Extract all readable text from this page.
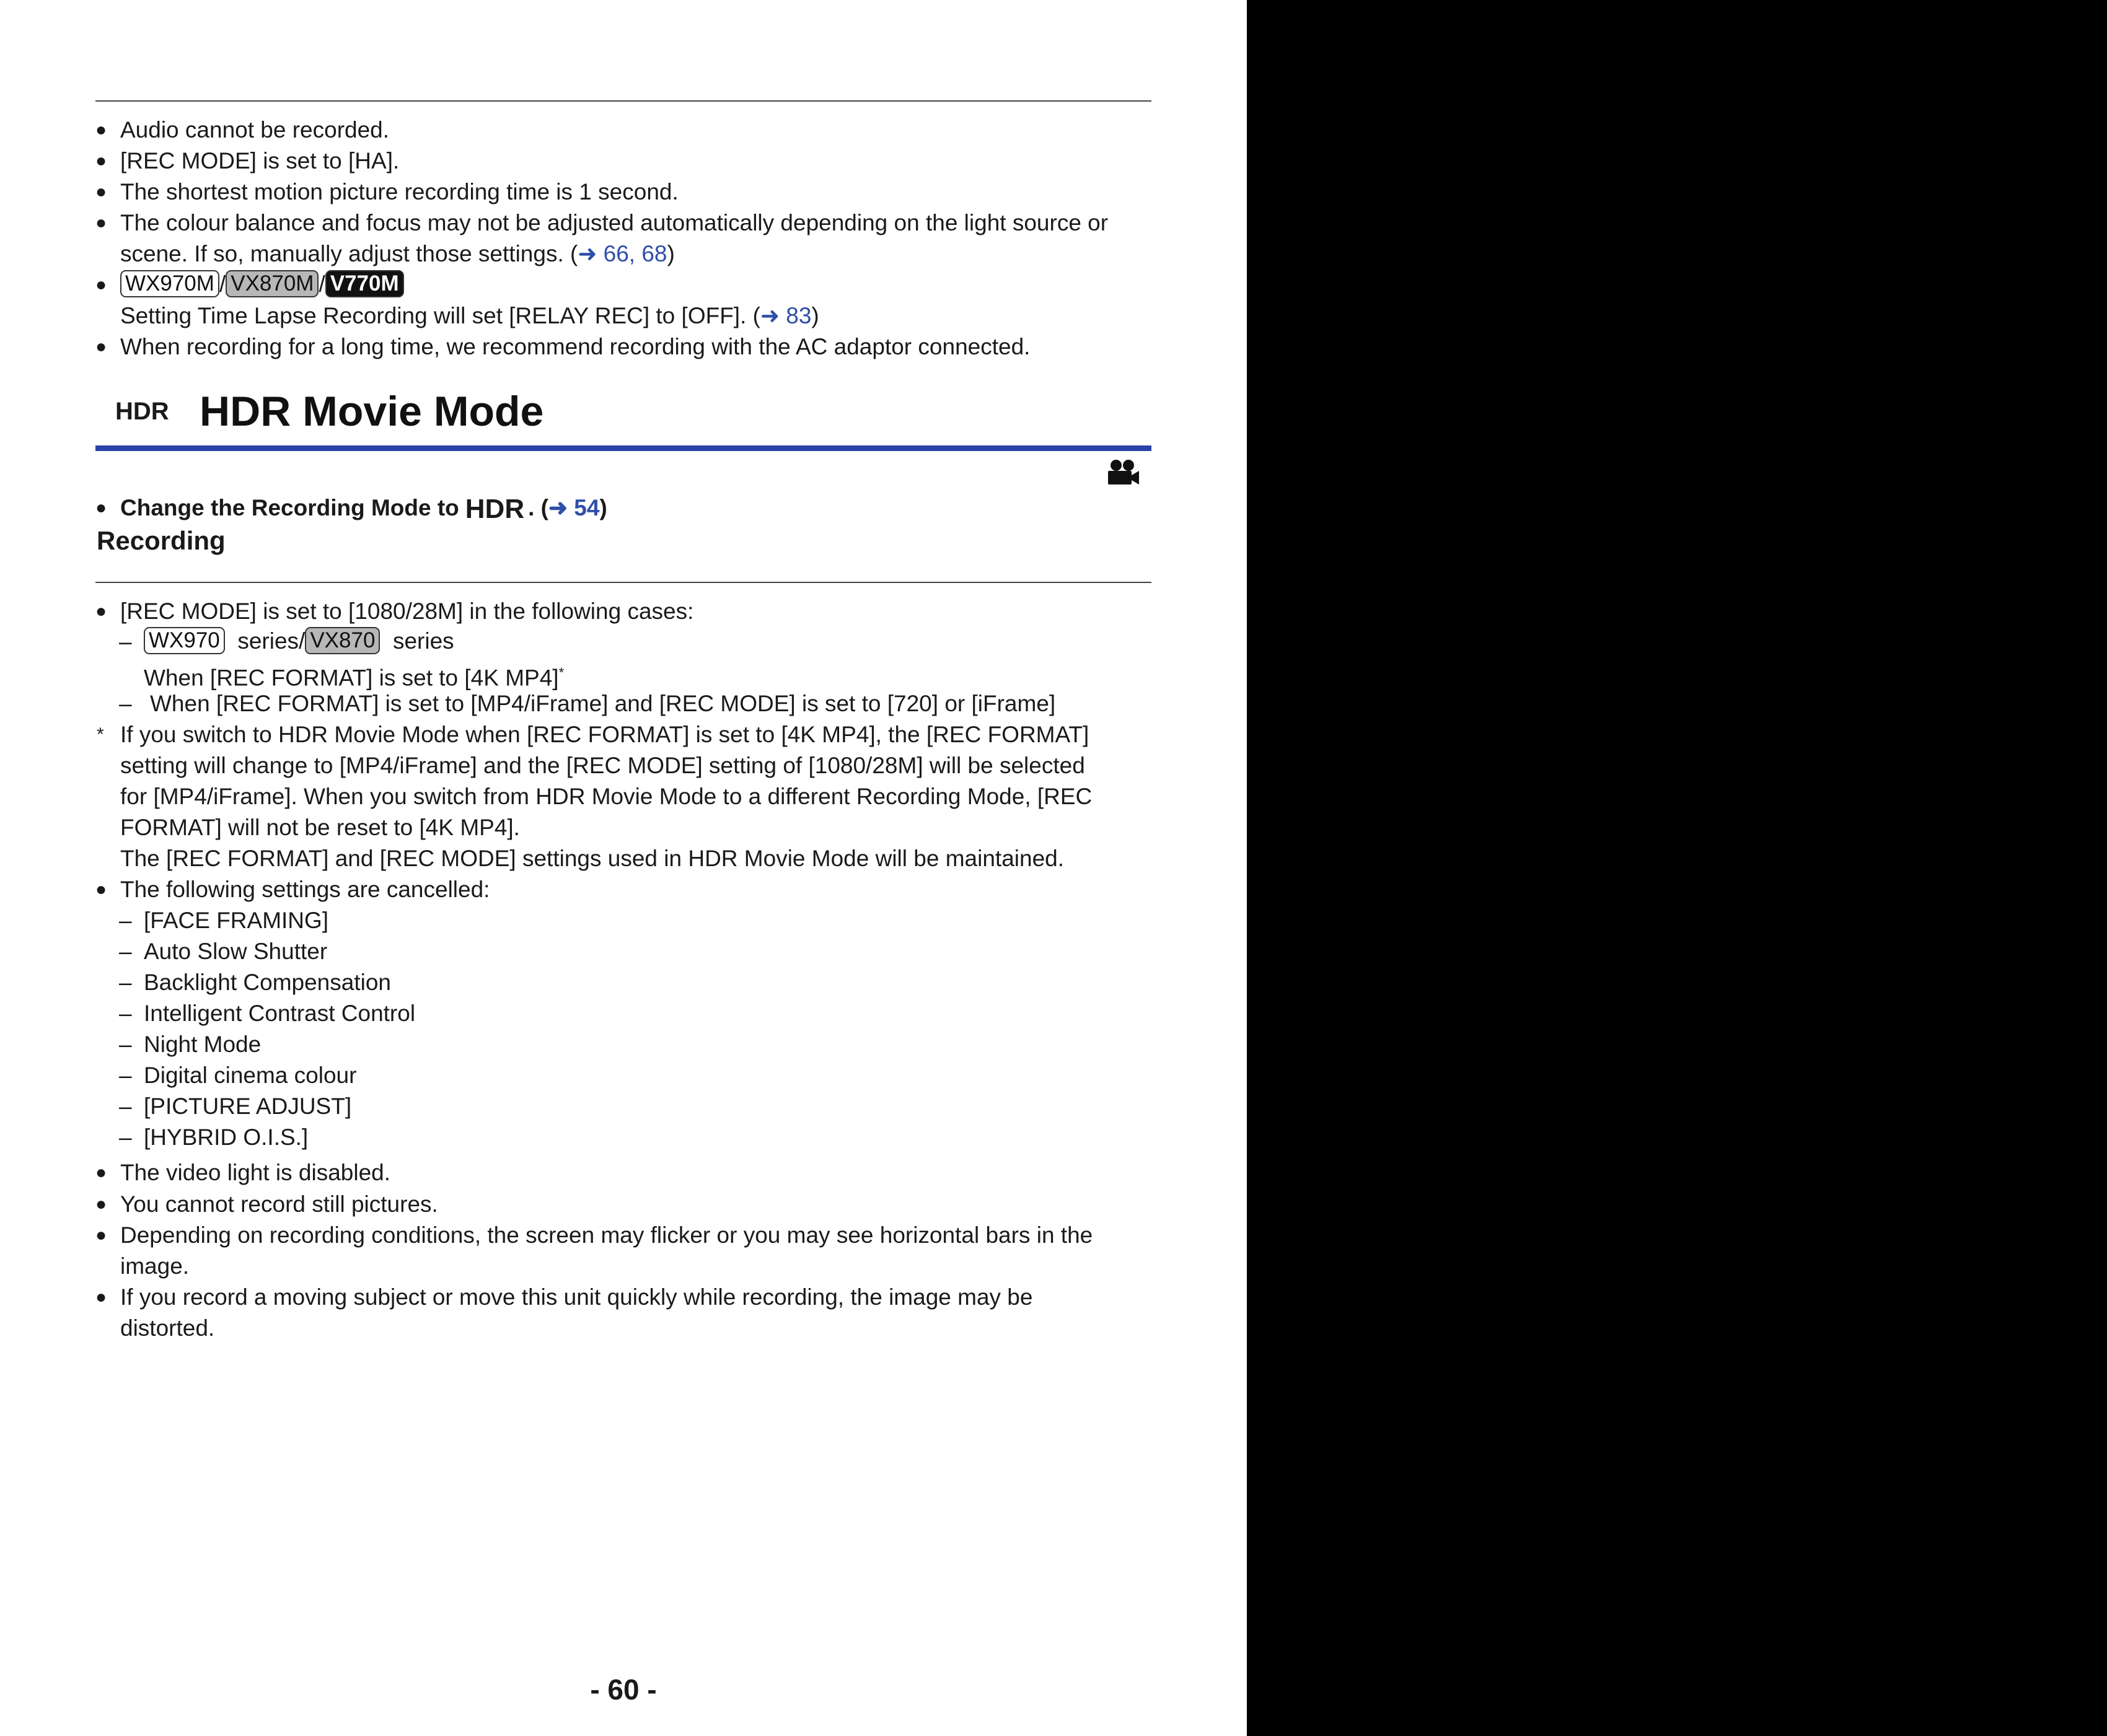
● Audio cannot be recorded.
● [REC MODE] is set to [HA].
● The shortest motion picture recording time is 1 second.
● The colour balance and focus may not be adjusted automatically depending on the light source or
scene. If so, manually adjust those settings. (➜ 66, 68)
● WX970M / VX870M / V770M
Setting Time Lapse Recording will set [RELAY REC] to [OFF]. (➜ 83)
● When recording for a long time, we recommend recording with the AC adaptor connected.
HDR HDR Movie Mode
● Change the Recording Mode to HDR . (➜ 54)
Recording
● [REC MODE] is set to [1080/28M] in the following cases:
– WX970 series/ VX870 series
When [REC FORMAT] is set to [4K MP4]*
– When [REC FORMAT] is set to [MP4/iFrame] and [REC MODE] is set to [720] or [iFrame]
* If you switch to HDR Movie Mode when [REC FORMAT] is set to [4K MP4], the [REC FORMAT]
setting will change to [MP4/iFrame] and the [REC MODE] setting of [1080/28M] will be selected
for [MP4/iFrame]. When you switch from HDR Movie Mode to a different Recording Mode, [REC
FORMAT] will not be reset to [4K MP4].
The [REC FORMAT] and [REC MODE] settings used in HDR Movie Mode will be maintained.
● The following settings are cancelled:
– [FACE FRAMING]
– Auto Slow Shutter
– Backlight Compensation
– Intelligent Contrast Control
– Night Mode
– Digital cinema colour
– [PICTURE ADJUST]
– [HYBRID O.I.S.]
● The video light is disabled.
● You cannot record still pictures.
● Depending on recording conditions, the screen may flicker or you may see horizontal bars in the
image.
● If you record a moving subject or move this unit quickly while recording, the image may be
distorted.
- 60 -
